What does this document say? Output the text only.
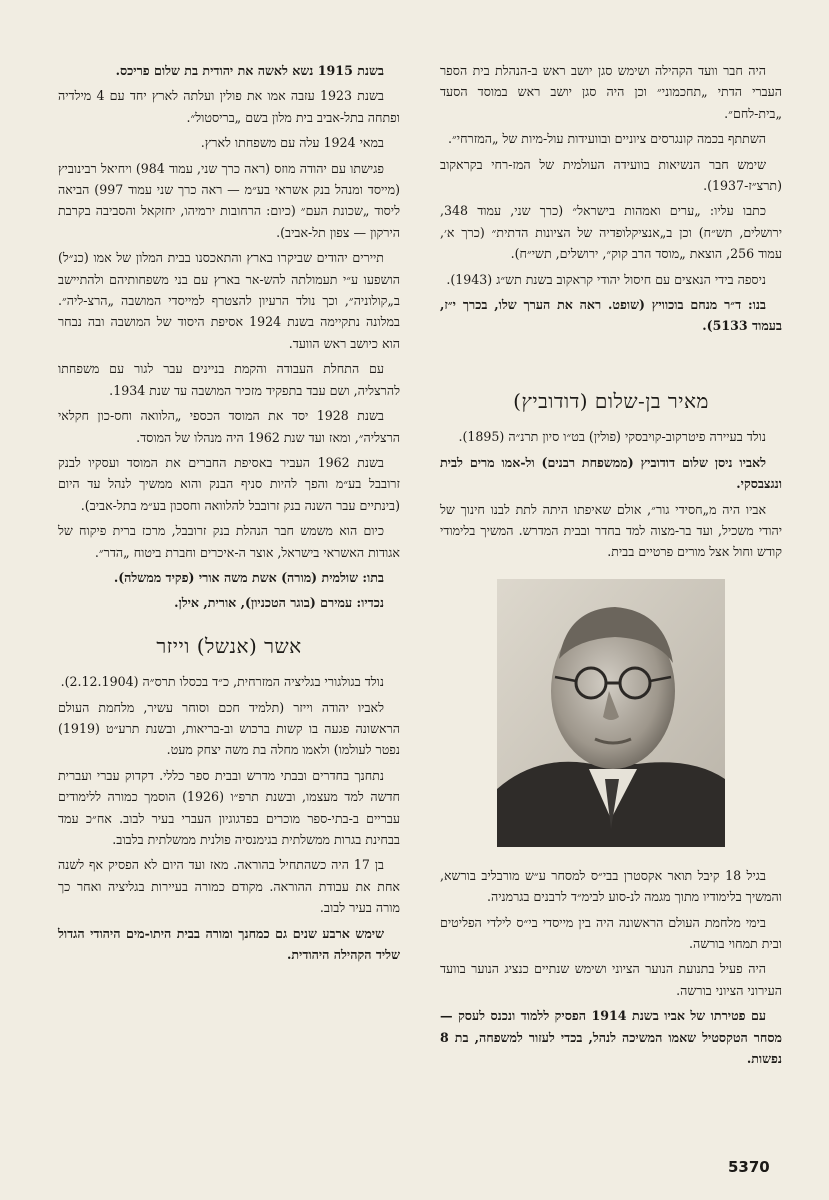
היה חבר וועד הקהילה ושימש סגן יושב ראש ב-הנהלת בית הספר העברי הדתי „תחכמוני״ וכן היה סגן יושב ראש במוסד הסעד „בית-לחם״.

השתתף בכמה קונגרסים ציוניים ובוועידות עול-מיות של „המזרחי״.

שימש חבר הנשיאות בוועידה העולמית של המז-רחי בקראקוב (תרצ״ז-1937).

כתבו עליו: „ערים ואמהות בישראל״ (כרך שני, עמוד 348, ירושלים, תש״ח) וכן ב„אנציקלופדיה של הציונות הדתית״ (כרך א׳, עמוד 256, הוצאת „מוסד הרב קוק״, ירושלים, תשי״ח).

ניספה בידי הנאצים עם חיסול יהודי קראקוב בשנת תש״ג (1943).

בנו: ד״ר מנחם בוכוויץ (שופט. ראה את הערך שלו, בכרך י״ז, בעמוד 5133).

מאיר בן-שלום (דודוביץ)

נולד בעיירה פיטרקוב-קויבסקי (פולין) בט״ו סיון תרנ״ה (1895).

לאביו ניסן שלום דודוביץ (ממשפחת רבנים) ול-אמו מרים לבית ונגצבסקי.

אביו היה מ„חסידי גור״, אולם שאיפתו היתה לתת לבנו חינוך של יהודי משכיל, ועד בר-מצוה למד בחדר ובבית המדרש. המשיך בלימודי קודש וחול אצל מורים פרטיים בבית.

בגיל 18 קיבל תואר אקסטרן בבי״ס למסחר ע״ש מורבליב בורשא, והמשיך בלימודיו מתוך מגמה לנ-סוע לבימ״ד לרבנים בגרמניה.

בימי מלחמת העולם הראשונה היה בין מייסדי בי״ס לילדי הפליטים ובית תמחוי בורשה.

היה פעיל בתנועת הנוער הציוני ושימש שנתיים כנציג הנוער בוועד העירוני הציוני בורשה.

עם פטירתו של אביו בשנת 1914 הפסיק ללמוד ונכנס לעסק — מסחר הטקסטיל שאמו המשיכה לנהל, בכדי לעזור למשפחה, בת 8 נפשות.

בשנת 1915 נשא לאשה את יהודית בת שלום פריכס.

בשנת 1923 עזבה אמו את פולין ועלתה לארץ יחד עם 4 מילדיה ופתחה בתל-אביב בית מלון בשם „בריסטול״.

במאי 1924 עלה עם משפחתו לארץ.

פגישתו עם יהודה מוזס (ראה כרך שני, עמוד 984) ויחיאל רבינוביץ (מייסד ומנהל בנק אשראי בע״מ — ראה כרך שני עמוד 997) הביאה ליסוד „שכונת העם״ (כיום: הרחובות ירמיהו, יחזקאל והסביבה בקרבת הירקון — צפון תל-אביב).

תיירים יהודים שביקרו בארץ והתאכסנו בבית המלון של אמו (כנ״ל) הושפעו ע״י תעמולתה להש-אר בארץ עם בני משפחותיהם ולהתיישב ב„קולוניה״, וכך נולד הרעיון להצטרף למייסדי המושבה „הרצ-ליה״. במלונה נתקיימה בשנת 1924 אסיפת היסוד של המושבה ובה נבחר הוא כיושב ראש הוועד.

עם התחלת העבודה והקמת בניינים עבר לגור עם משפחתו להרצליה, ושם עבד בתפקיד מזכיר המושבה עד שנת 1934.

בשנת 1928 יסד את המוסד הכספי „הלוואה וחס-כון חקלאי הרצליה״, ומאז ועד שנת 1962 היה מנהלו של המוסד.

בשנת 1962 העביר באסיפת החברים את המוסד ועסקיו לבנק זרובבל בע״מ והפך להיות סניף הבנק והוא ממשיך לנהל עד היום (בינתיים עבר השנה בנק זרובבל להלוואה וחסכון בע״מ בתל-אביב).

כיום הוא משמש חבר הנהלת בנק זרובבל, מרכז ברית פיקוח של אגודות האשראי בישראל, אוצר ה-איכרים וחברת ביטוח „הדר״.

בתו: שולמית (מורה) אשת משה אורי (פקיד ממשלה).

נכדיו: עמירם (בוגר הטכניון), אורית, אילן.

אשר (אנשל) וייזר

נולד בגולגורי בגליציה המזרחית, כ״ד בכסלו תרס״ה (2.12.1904).

לאביו יהודה וייזר (תלמיד חכם וסוחר עשיר, מלחמת העולם הראשונה פגעה בו קשות ברכוש וב-בריאות, ובשנת תרע״ט (1919) נפטר לעולמו) ולאמו מחלה בת משה יצחק מעט.

נתחנך בחדרים ובבתי מדרש ובבית ספר כללי. דקדוק עברי ועברית חדשה למד מעצמו, ובשנת תרפ״ו (1926) הוסמך כמורה ללימודים עבריים ב-בתי-ספר מוכרים בפדגוגיון העברי בעיר לבוב. אח״כ עמד בבחינת בגרות ממשלתית בגימנסיה פולנית ממשלתית בלבוב.

בן 17 היה כשהתחיל בהוראה. מאז ועד היום לא הפסיק אף לשנה אחת את עבודת ההוראה. מקודם כמורה בעיירות בגליציה ואחר כך מורה בעיר לבוב.

שימש ארבע שנים גם כמחנך ומורה בבית היתו-מים היהודי הגדול שליד הקהילה היהודית.

5370
